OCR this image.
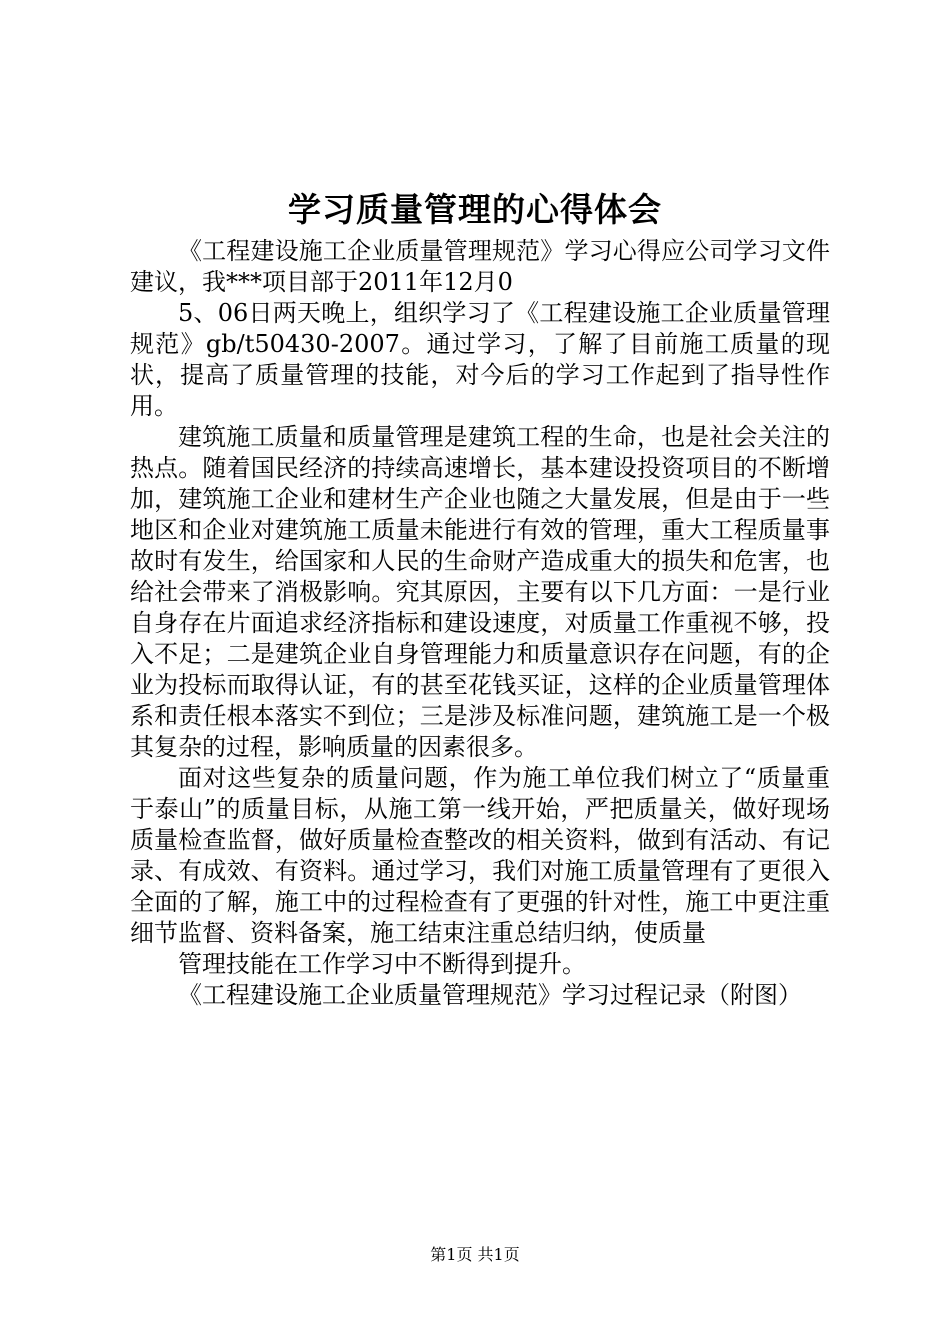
学习质量管理的心得体会

《工程建设施工企业质量管理规范》学习心得应公司学习文件建议，我***项目部于2011年12月0

5、06日两天晚上，组织学习了《工程建设施工企业质量管理规范》gb/t50430-2007。通过学习，了解了目前施工质量的现状，提高了质量管理的技能，对今后的学习工作起到了指导性作用。

建筑施工质量和质量管理是建筑工程的生命，也是社会关注的热点。随着国民经济的持续高速增长，基本建设投资项目的不断增加，建筑施工企业和建材生产企业也随之大量发展，但是由于一些地区和企业对建筑施工质量未能进行有效的管理，重大工程质量事故时有发生，给国家和人民的生命财产造成重大的损失和危害，也给社会带来了消极影响。究其原因，主要有以下几方面：一是行业自身存在片面追求经济指标和建设速度，对质量工作重视不够，投入不足；二是建筑企业自身管理能力和质量意识存在问题，有的企业为投标而取得认证，有的甚至花钱买证，这样的企业质量管理体系和责任根本落实不到位；三是涉及标准问题，建筑施工是一个极其复杂的过程，影响质量的因素很多。

面对这些复杂的质量问题，作为施工单位我们树立了“质量重于泰山”的质量目标，从施工第一线开始，严把质量关，做好现场质量检查监督，做好质量检查整改的相关资料，做到有活动、有记录、有成效、有资料。通过学习，我们对施工质量管理有了更很入全面的了解，施工中的过程检查有了更强的针对性，施工中更注重细节监督、资料备案，施工结束注重总结归纳，使质量

管理技能在工作学习中不断得到提升。

《工程建设施工企业质量管理规范》学习过程记录（附图）

第1页 共1页
